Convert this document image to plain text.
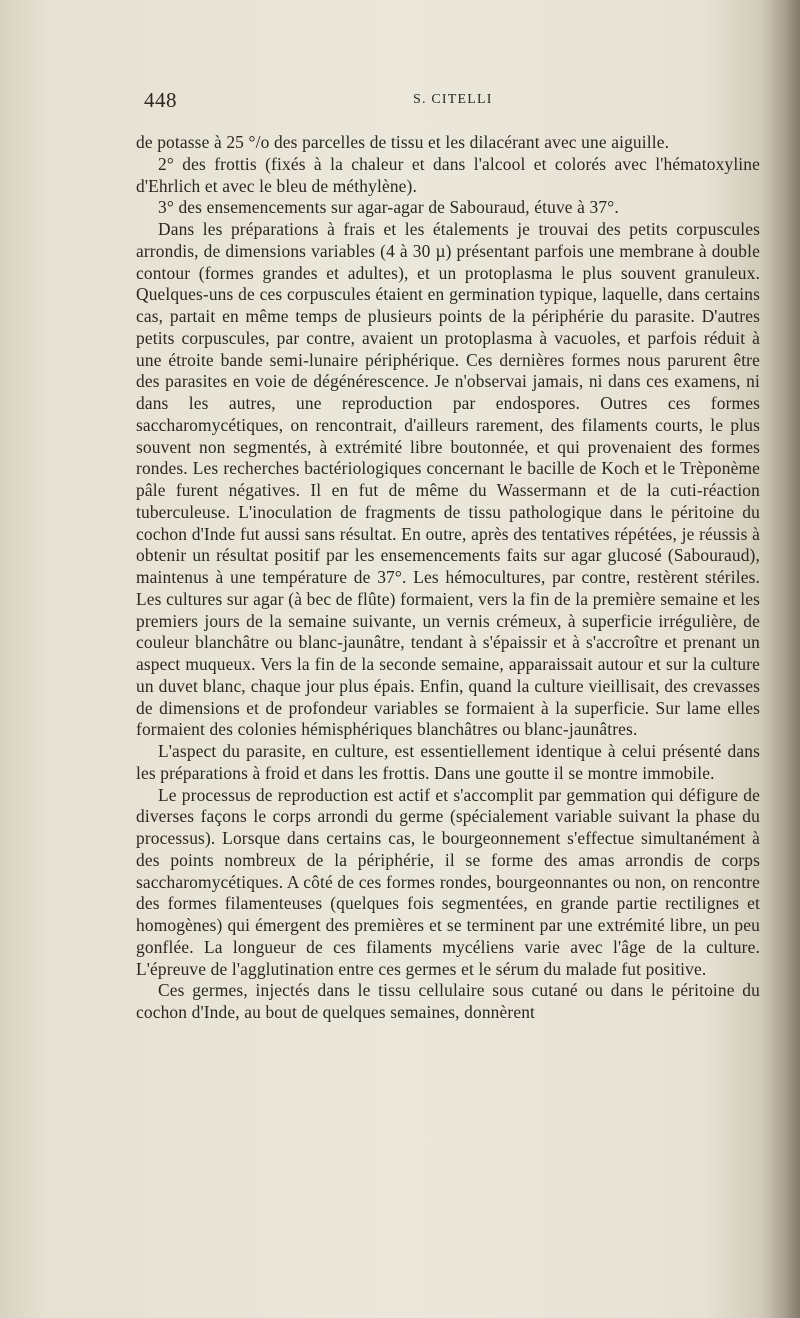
448	S. CITELLI

de potasse à 25 °/o des parcelles de tissu et les dilacérant avec une aiguille.

2° des frottis (fixés à la chaleur et dans l'alcool et colorés avec l'hématoxyline d'Ehrlich et avec le bleu de méthylène).

3° des ensemencements sur agar-agar de Sabouraud, étuve à 37°.

Dans les préparations à frais et les étalements je trouvai des petits corpuscules arrondis, de dimensions variables (4 à 30 µ) présentant parfois une membrane à double contour (formes grandes et adultes), et un protoplasma le plus souvent granuleux. Quelques-uns de ces corpuscules étaient en germination typique, laquelle, dans certains cas, partait en même temps de plusieurs points de la périphérie du parasite. D'autres petits corpuscules, par contre, avaient un protoplasma à vacuoles, et parfois réduit à une étroite bande semi-lunaire périphérique. Ces dernières formes nous parurent être des parasites en voie de dégénérescence. Je n'observai jamais, ni dans ces examens, ni dans les autres, une reproduction par endospores. Outres ces formes saccharomycétiques, on rencontrait, d'ailleurs rarement, des filaments courts, le plus souvent non segmentés, à extrémité libre boutonnée, et qui provenaient des formes rondes. Les recherches bactériologiques concernant le bacille de Koch et le Trèponème pâle furent négatives. Il en fut de même du Wassermann et de la cuti-réaction tuberculeuse. L'inoculation de fragments de tissu pathologique dans le péritoine du cochon d'Inde fut aussi sans résultat. En outre, après des tentatives répétées, je réussis à obtenir un résultat positif par les ensemencements faits sur agar glucosé (Sabouraud), maintenus à une température de 37°. Les hémocultures, par contre, restèrent stériles. Les cultures sur agar (à bec de flûte) formaient, vers la fin de la première semaine et les premiers jours de la semaine suivante, un vernis crémeux, à superficie irrégulière, de couleur blanchâtre ou blanc-jaunâtre, tendant à s'épaissir et à s'accroître et prenant un aspect muqueux. Vers la fin de la seconde semaine, apparaissait autour et sur la culture un duvet blanc, chaque jour plus épais. Enfin, quand la culture vieillisait, des crevasses de dimensions et de profondeur variables se formaient à la superficie. Sur lame elles formaient des colonies hémisphériques blanchâtres ou blanc-jaunâtres.

L'aspect du parasite, en culture, est essentiellement identique à celui présenté dans les préparations à froid et dans les frottis. Dans une goutte il se montre immobile.

Le processus de reproduction est actif et s'accomplit par gemmation qui défigure de diverses façons le corps arrondi du germe (spécialement variable suivant la phase du processus). Lorsque dans certains cas, le bourgeonnement s'effectue simultanément à des points nombreux de la périphérie, il se forme des amas arrondis de corps saccharomycétiques. A côté de ces formes rondes, bourgeonnantes ou non, on rencontre des formes filamenteuses (quelques fois segmentées, en grande partie rectilignes et homogènes) qui émergent des premières et se terminent par une extrémité libre, un peu gonflée. La longueur de ces filaments mycéliens varie avec l'âge de la culture. L'épreuve de l'agglutination entre ces germes et le sérum du malade fut positive.

Ces germes, injectés dans le tissu cellulaire sous cutané ou dans le péritoine du cochon d'Inde, au bout de quelques semaines, donnèrent
